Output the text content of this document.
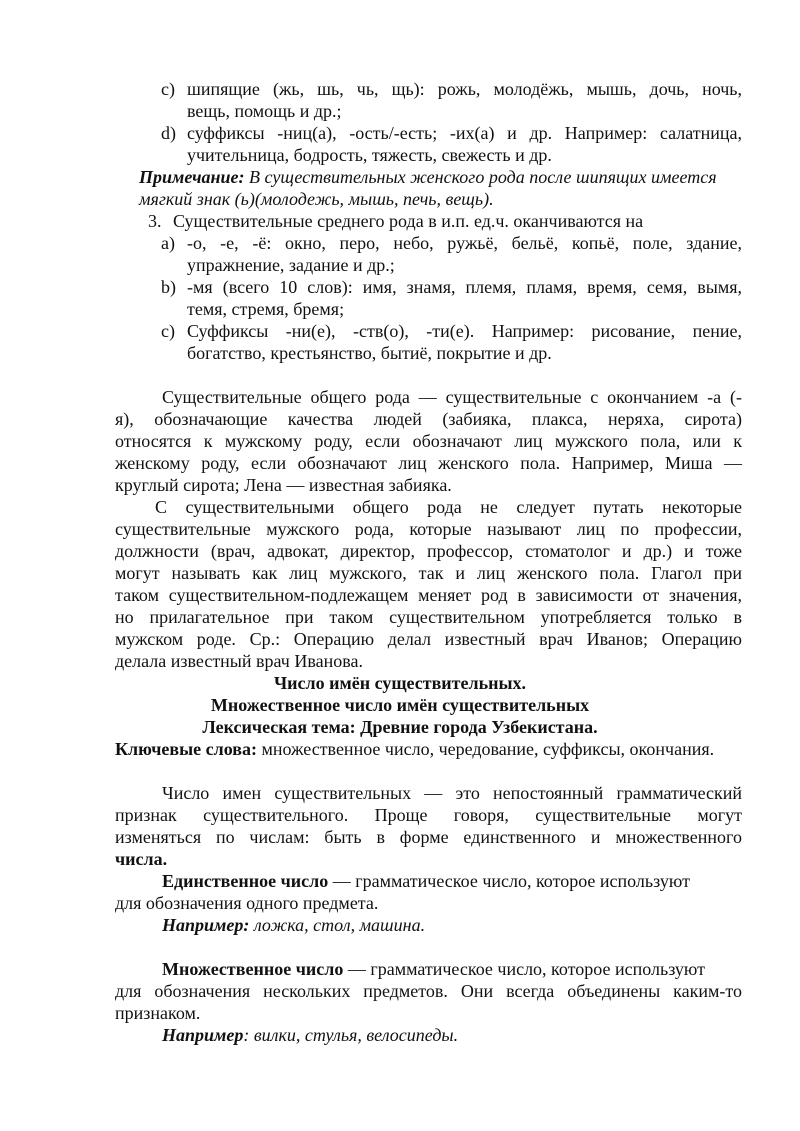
c) шипящие (жь, шь, чь, щь): рожь, молодёжь, мышь, дочь, ночь,
вещь, помощь и др.;
d) суффиксы -ниц(а), -ость/-есть; -их(а) и др. Например: салатница,
учительница, бодрость, тяжесть, свежесть и др.
Примечание: В существительных женского рода после шипящих имеется
мягкий знак (ь)(молодежь, мышь, печь, вещь).
3. Существительные среднего рода в и.п. ед.ч. оканчиваются на
a) -о, -е, -ё: окно, перо, небо, ружьё, бельё, копьё, поле, здание,
упражнение, задание и др.;
b) -мя (всего 10 слов): имя, знамя, племя, пламя, время, семя, вымя,
темя, стремя, бремя;
c) Суффиксы -ни(е), -ств(о), -ти(е). Например: рисование, пение,
богатство, крестьянство, бытиё, покрытие и др.
Существительные общего рода — существительные с окончанием -а (-
я), обозначающие качества людей (забияка, плакса, неряха, сирота)
относятся к мужскому роду, если обозначают лиц мужского пола, или к
женскому роду, если обозначают лиц женского пола. Например, Миша —
круглый сирота; Лена — известная забияка.
С существительными общего рода не следует путать некоторые
существительные мужского рода, которые называют лиц по профессии,
должности (врач, адвокат, директор, профессор, стоматолог и др.) и тоже
могут называть как лиц мужского, так и лиц женского пола. Глагол при
таком существительном-подлежащем меняет род в зависимости от значения,
но прилагательное при таком существительном употребляется только в
мужском роде. Ср.: Операцию делал известный врач Иванов; Операцию
делала известный врач Иванова.
Число имён существительных.
Множественное число имён существительных
Лексическая тема: Древние города Узбекистана.
Ключевые слова: множественное число, чередование, суффиксы, окончания.
Число имен существительных — это непостоянный грамматический
признак существительного. Проще говоря, существительные могут
изменяться по числам: быть в форме единственного и множественного
числа.
Единственное число — грамматическое число, которое используют
для обозначения одного предмета.
Например: ложка, стол, машина.
Множественное число — грамматическое число, которое используют
для обозначения нескольких предметов. Они всегда объединены каким-то
признаком.
Например: вилки, стулья, велосипеды.
